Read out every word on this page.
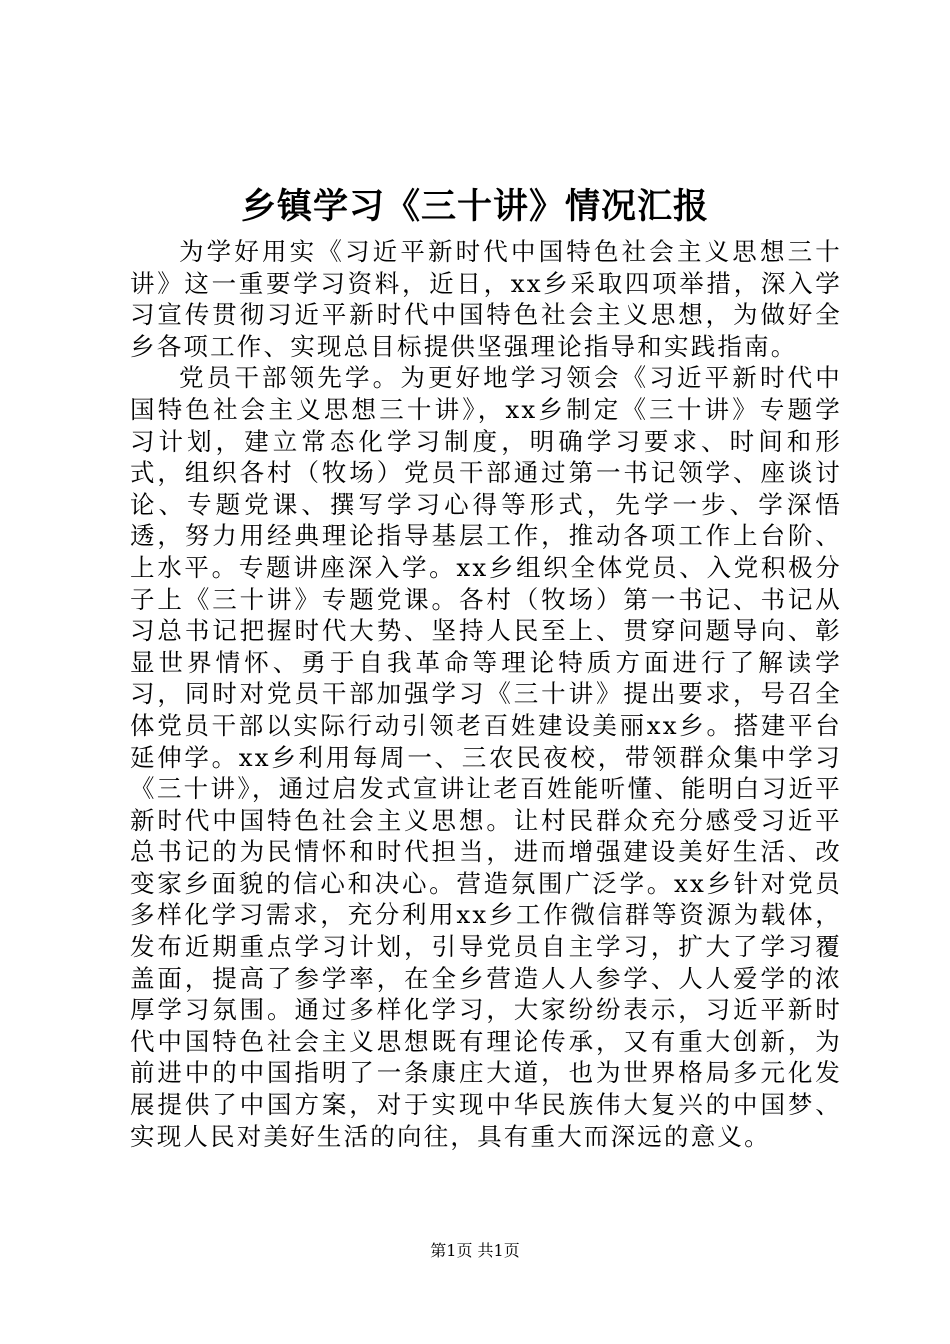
乡镇学习《三十讲》情况汇报

为学好用实《习近平新时代中国特色社会主义思想三十讲》这一重要学习资料，近日，xx乡采取四项举措，深入学习宣传贯彻习近平新时代中国特色社会主义思想，为做好全乡各项工作、实现总目标提供坚强理论指导和实践指南。

党员干部领先学。为更好地学习领会《习近平新时代中国特色社会主义思想三十讲》，xx乡制定《三十讲》专题学习计划，建立常态化学习制度，明确学习要求、时间和形式，组织各村（牧场）党员干部通过第一书记领学、座谈讨论、专题党课、撰写学习心得等形式，先学一步、学深悟透，努力用经典理论指导基层工作，推动各项工作上台阶、上水平。专题讲座深入学。xx乡组织全体党员、入党积极分子上《三十讲》专题党课。各村（牧场）第一书记、书记从习总书记把握时代大势、坚持人民至上、贯穿问题导向、彰显世界情怀、勇于自我革命等理论特质方面进行了解读学习，同时对党员干部加强学习《三十讲》提出要求，号召全体党员干部以实际行动引领老百姓建设美丽xx乡。搭建平台延伸学。xx乡利用每周一、三农民夜校，带领群众集中学习《三十讲》，通过启发式宣讲让老百姓能听懂、能明白习近平新时代中国特色社会主义思想。让村民群众充分感受习近平总书记的为民情怀和时代担当，进而增强建设美好生活、改变家乡面貌的信心和决心。营造氛围广泛学。xx乡针对党员多样化学习需求，充分利用xx乡工作微信群等资源为载体，发布近期重点学习计划，引导党员自主学习，扩大了学习覆盖面，提高了参学率，在全乡营造人人参学、人人爱学的浓厚学习氛围。通过多样化学习，大家纷纷表示，习近平新时代中国特色社会主义思想既有理论传承，又有重大创新，为前进中的中国指明了一条康庄大道，也为世界格局多元化发展提供了中国方案，对于实现中华民族伟大复兴的中国梦、实现人民对美好生活的向往，具有重大而深远的意义。

第1页 共1页
